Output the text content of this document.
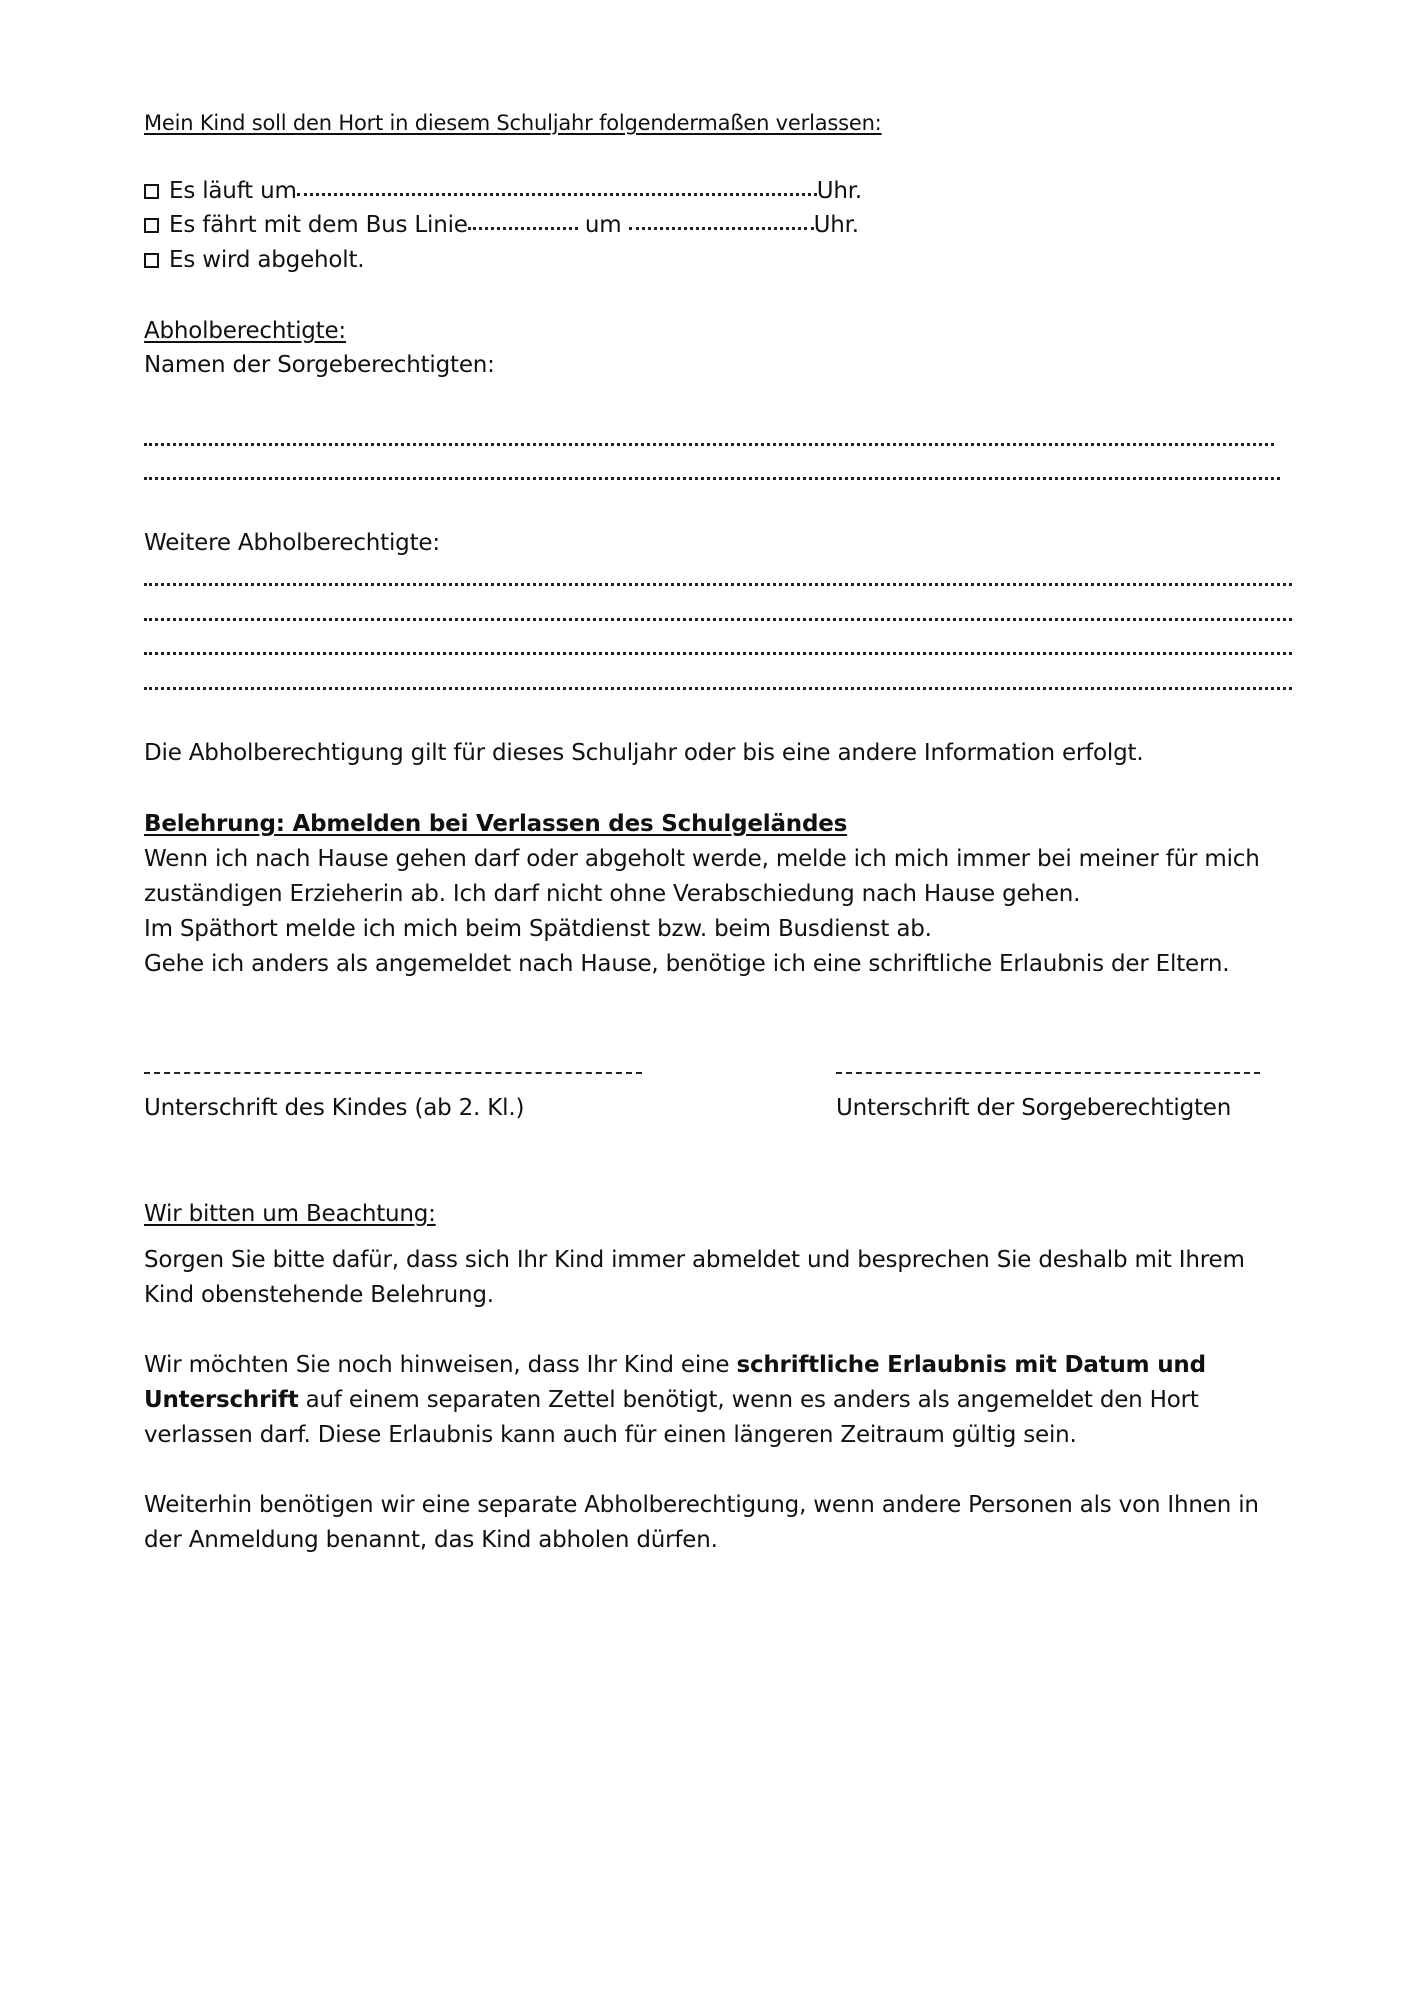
Mein Kind soll den Hort in diesem Schuljahr folgendermaßen verlassen:
Es läuft um	Uhr.
Es fährt mit dem Bus Linie	um	Uhr.
Es wird abgeholt.
Abholberechtigte:
Namen der Sorgeberechtigten:
Weitere Abholberechtigte:
Die Abholberechtigung gilt für dieses Schuljahr oder bis eine andere Information erfolgt.
Belehrung: Abmelden bei Verlassen des Schulgeländes
Wenn ich nach Hause gehen darf oder abgeholt werde, melde ich mich immer bei meiner für mich
zuständigen Erzieherin ab. Ich darf nicht ohne Verabschiedung nach Hause gehen.
Im Späthort melde ich mich beim Spätdienst bzw. beim Busdienst ab.
Gehe ich anders als angemeldet nach Hause, benötige ich eine schriftliche Erlaubnis der Eltern.
Unterschrift des Kindes (ab 2. Kl.)	Unterschrift der Sorgeberechtigten
Wir bitten um Beachtung:
Sorgen Sie bitte dafür, dass sich Ihr Kind immer abmeldet und besprechen Sie deshalb mit Ihrem
Kind obenstehende Belehrung.
Wir möchten Sie noch hinweisen, dass Ihr Kind eine schriftliche Erlaubnis mit Datum und
Unterschrift auf einem separaten Zettel benötigt, wenn es anders als angemeldet den Hort
verlassen darf. Diese Erlaubnis kann auch für einen längeren Zeitraum gültig sein.
Weiterhin benötigen wir eine separate Abholberechtigung, wenn andere Personen als von Ihnen in
der Anmeldung benannt, das Kind abholen dürfen.
